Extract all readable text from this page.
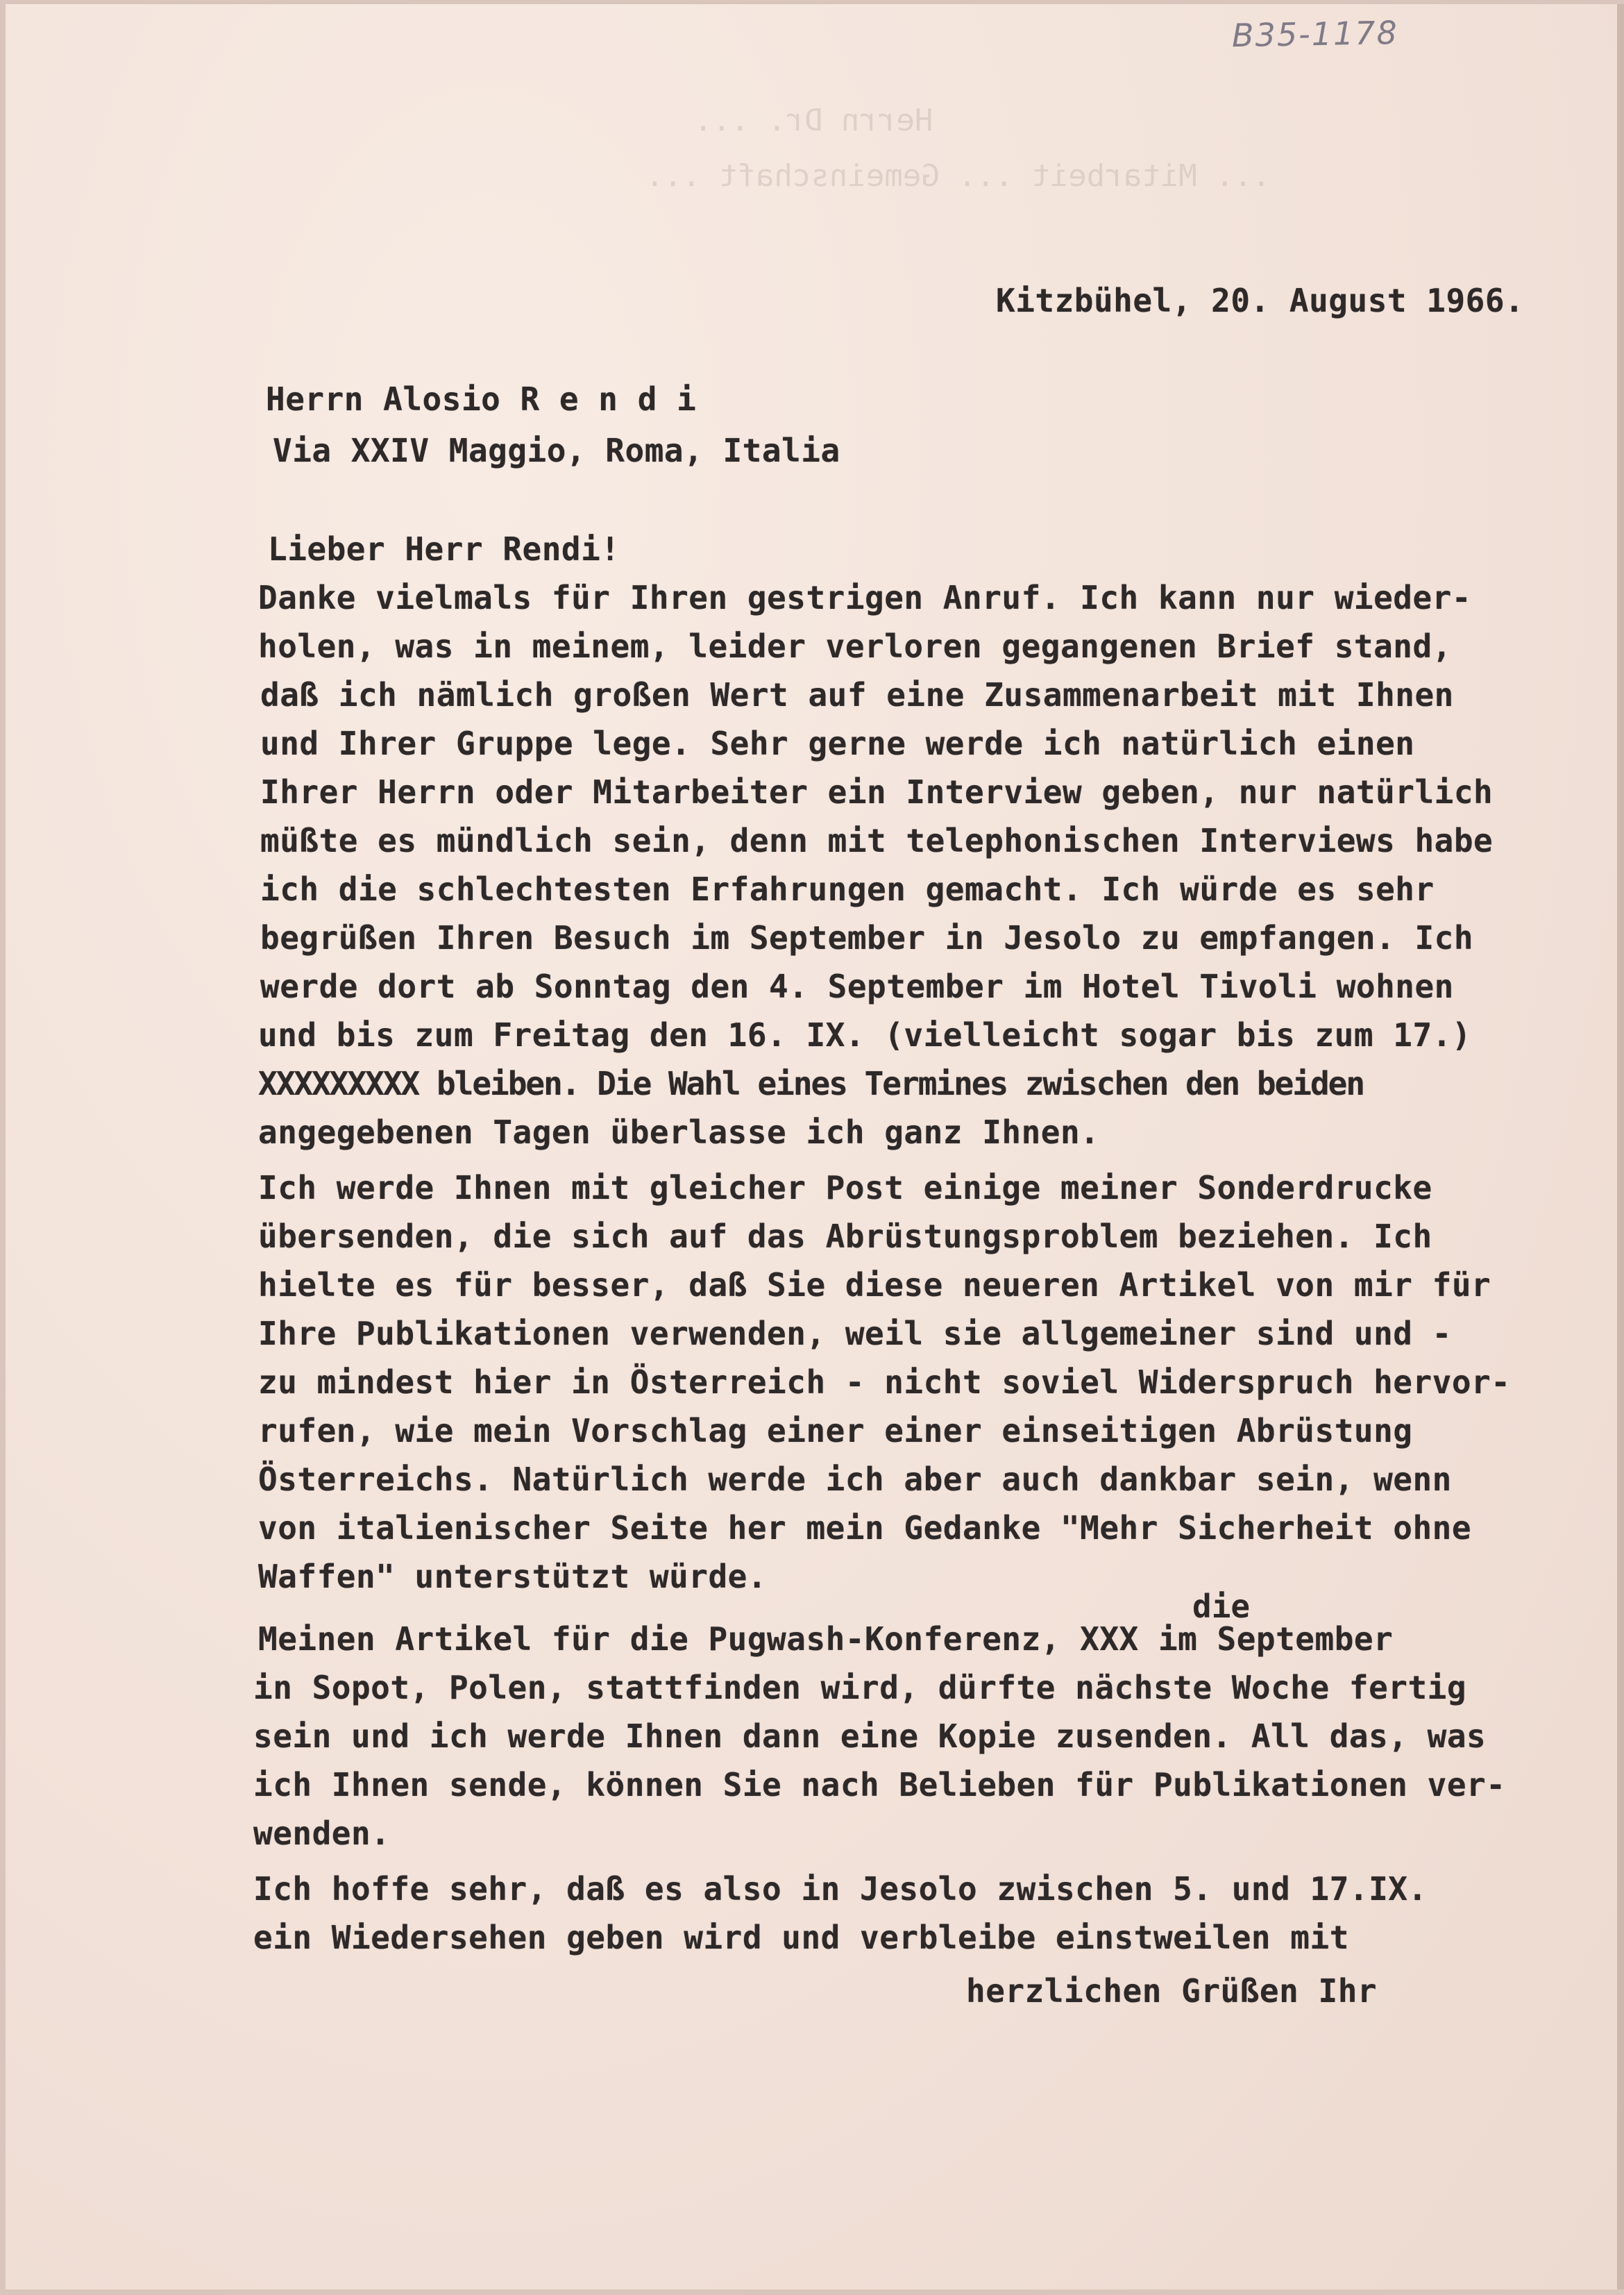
B35-1178
Herrn Dr. ...
... Mitarbeit ... Gemeinschaft ...
Kitzbühel, 20. August 1966.
Herrn Alosio R e n d i
Via XXIV Maggio, Roma, Italia
Lieber Herr Rendi!
Danke vielmals für Ihren gestrigen Anruf. Ich kann nur wieder-
holen, was in meinem, leider verloren gegangenen Brief stand,
daß ich nämlich großen Wert auf eine Zusammenarbeit mit Ihnen
und Ihrer Gruppe lege. Sehr gerne werde ich natürlich einen
Ihrer Herrn oder Mitarbeiter ein Interview geben, nur natürlich
müßte es mündlich sein, denn mit telephonischen Interviews habe
ich die schlechtesten Erfahrungen gemacht. Ich würde es sehr
begrüßen Ihren Besuch im September in Jesolo zu empfangen. Ich
werde dort ab Sonntag den 4. September im Hotel Tivoli wohnen
und bis zum Freitag den 16. IX. (vielleicht sogar bis zum 17.)
XXXXXXXXX bleiben. Die Wahl eines Termines zwischen den beiden
angegebenen Tagen überlasse ich ganz Ihnen.
Ich werde Ihnen mit gleicher Post einige meiner Sonderdrucke
übersenden, die sich auf das Abrüstungsproblem beziehen. Ich
hielte es für besser, daß Sie diese neueren Artikel von mir für
Ihre Publikationen verwenden, weil sie allgemeiner sind und -
zu mindest hier in Österreich - nicht soviel Widerspruch hervor-
rufen, wie mein Vorschlag einer einer einseitigen Abrüstung
Österreichs. Natürlich werde ich aber auch dankbar sein, wenn
von italienischer Seite her mein Gedanke "Mehr Sicherheit ohne
Waffen" unterstützt würde.
die
Meinen Artikel für die Pugwash-Konferenz, XXX im September
in Sopot, Polen, stattfinden wird, dürfte nächste Woche fertig
sein und ich werde Ihnen dann eine Kopie zusenden. All das, was
ich Ihnen sende, können Sie nach Belieben für Publikationen ver-
wenden.
Ich hoffe sehr, daß es also in Jesolo zwischen 5. und 17.IX.
ein Wiedersehen geben wird und verbleibe einstweilen mit
herzlichen Grüßen Ihr
